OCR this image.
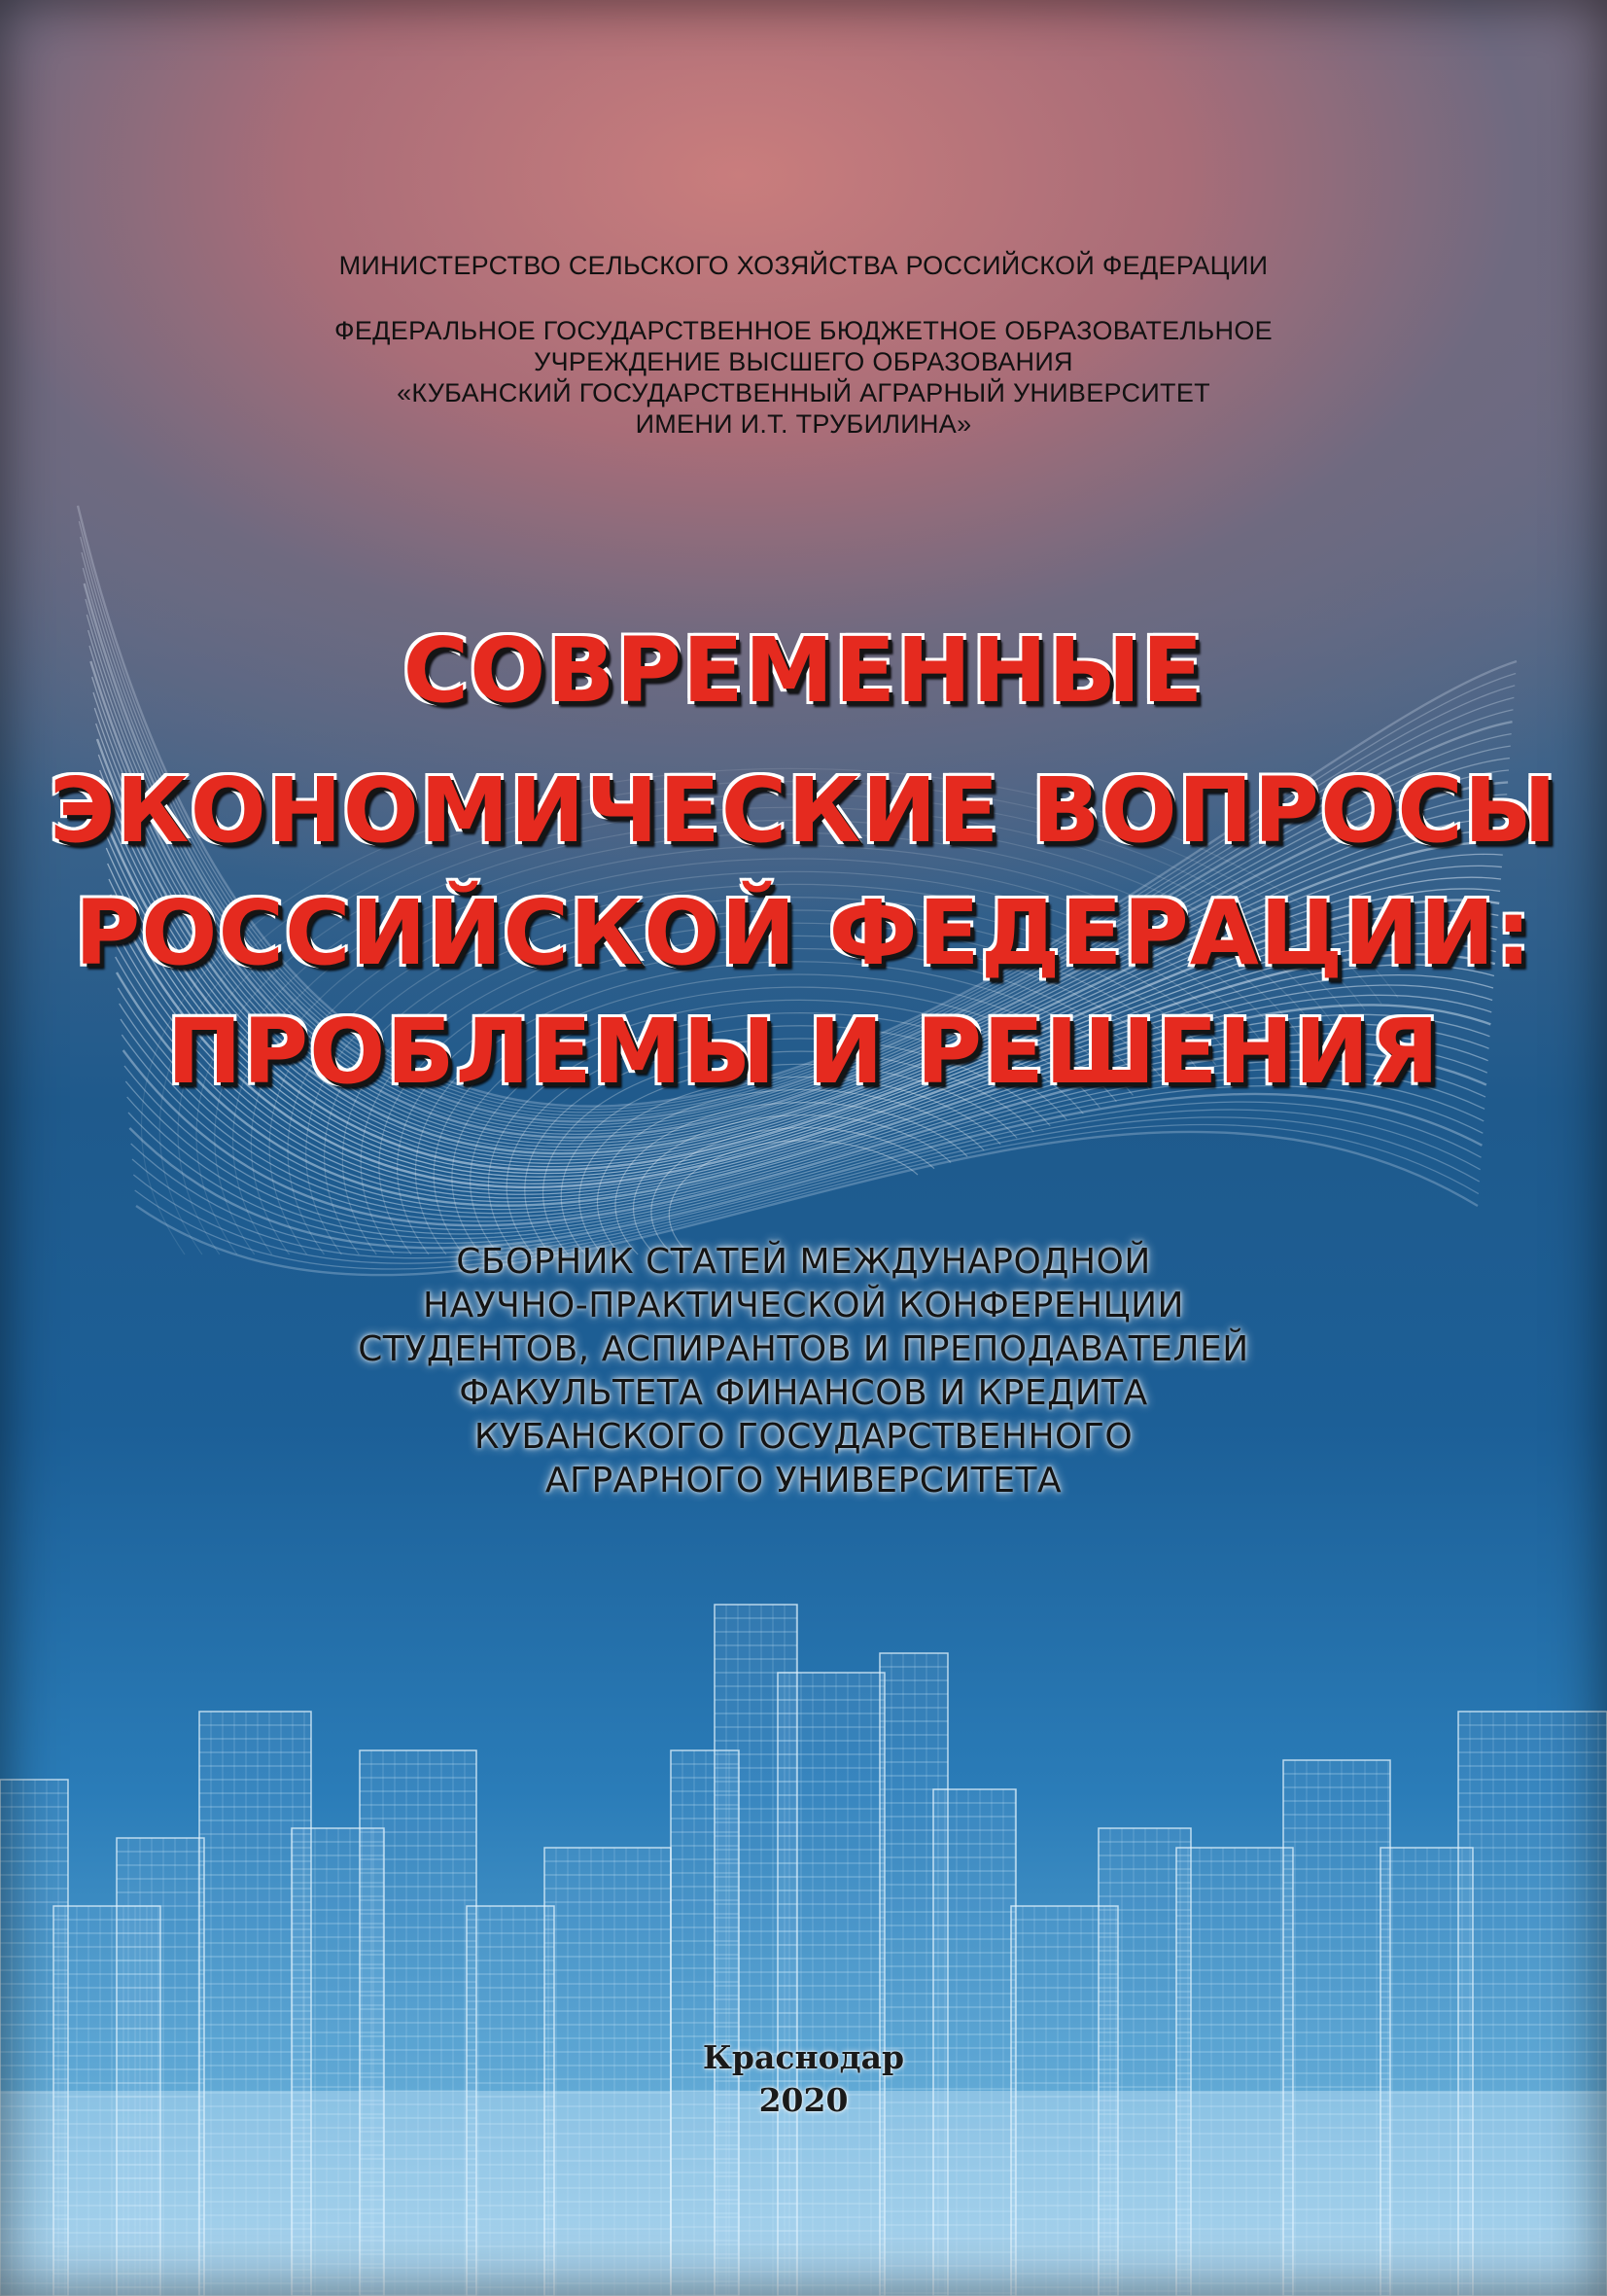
МИНИСТЕРСТВО СЕЛЬСКОГО ХОЗЯЙСТВА РОССИЙСКОЙ ФЕДЕРАЦИИ
ФЕДЕРАЛЬНОЕ ГОСУДАРСТВЕННОЕ БЮДЖЕТНОЕ ОБРАЗОВАТЕЛЬНОЕ
УЧРЕЖДЕНИЕ ВЫСШЕГО ОБРАЗОВАНИЯ
«КУБАНСКИЙ ГОСУДАРСТВЕННЫЙ АГРАРНЫЙ УНИВЕРСИТЕТ
ИМЕНИ И.Т. ТРУБИЛИНА»
СОВРЕМЕННЫЕ
ЭКОНОМИЧЕСКИЕ ВОПРОСЫ
РОССИЙСКОЙ ФЕДЕРАЦИИ:
ПРОБЛЕМЫ И РЕШЕНИЯ
СБОРНИК СТАТЕЙ МЕЖДУНАРОДНОЙ
НАУЧНО-ПРАКТИЧЕСКОЙ КОНФЕРЕНЦИИ
СТУДЕНТОВ, АСПИРАНТОВ И ПРЕПОДАВАТЕЛЕЙ
ФАКУЛЬТЕТА ФИНАНСОВ И КРЕДИТА
КУБАНСКОГО ГОСУДАРСТВЕННОГО
АГРАРНОГО УНИВЕРСИТЕТА
Краснодар
2020
